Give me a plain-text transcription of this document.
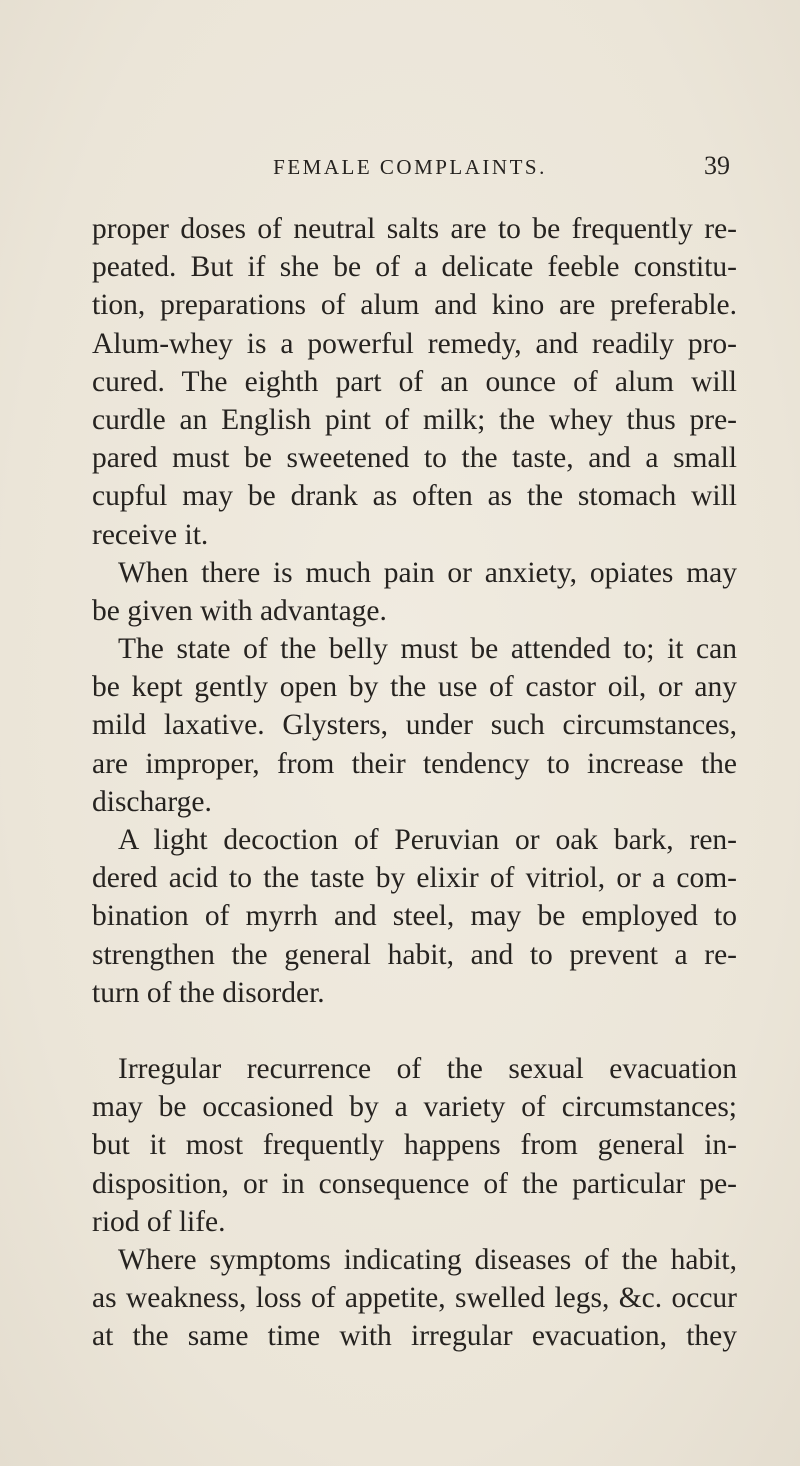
FEMALE COMPLAINTS.	39
proper doses of neutral salts are to be frequently re-
peated. But if she be of a delicate feeble constitu-
tion, preparations of alum and kino are preferable.
Alum-whey is a powerful remedy, and readily pro-
cured. The eighth part of an ounce of alum will
curdle an English pint of milk; the whey thus pre-
pared must be sweetened to the taste, and a small
cupful may be drank as often as the stomach will
receive it.
When there is much pain or anxiety, opiates may
be given with advantage.
The state of the belly must be attended to; it can
be kept gently open by the use of castor oil, or any
mild laxative. Glysters, under such circumstances,
are improper, from their tendency to increase the
discharge.
A light decoction of Peruvian or oak bark, ren-
dered acid to the taste by elixir of vitriol, or a com-
bination of myrrh and steel, may be employed to
strengthen the general habit, and to prevent a re-
turn of the disorder.
Irregular recurrence of the sexual evacuation
may be occasioned by a variety of circumstances;
but it most frequently happens from general in-
disposition, or in consequence of the particular pe-
riod of life.
Where symptoms indicating diseases of the habit,
as weakness, loss of appetite, swelled legs, &c. occur
at the same time with irregular evacuation, they
